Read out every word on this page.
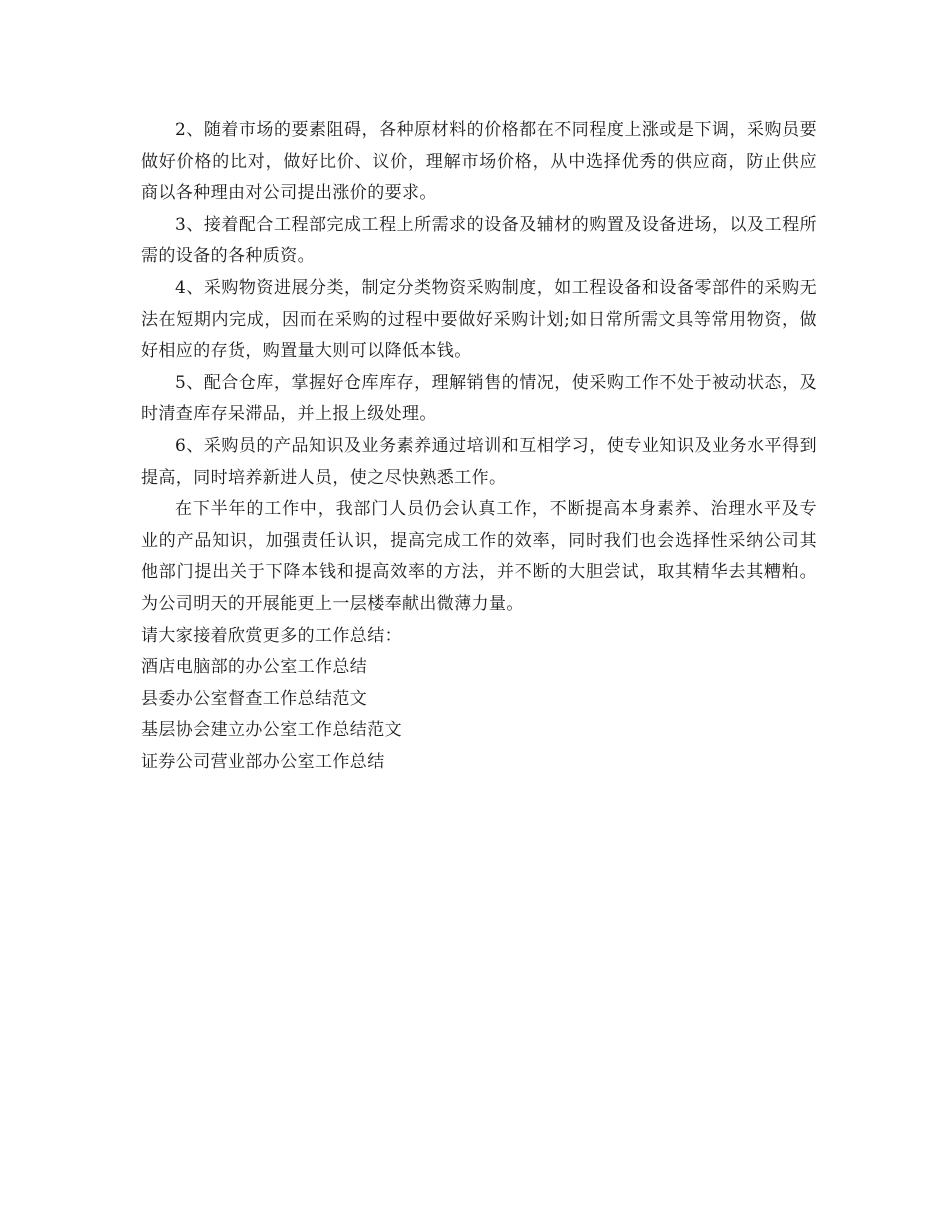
2、随着市场的要素阻碍，各种原材料的价格都在不同程度上涨或是下调，采购员要做好价格的比对，做好比价、议价，理解市场价格，从中选择优秀的供应商，防止供应商以各种理由对公司提出涨价的要求。

3、接着配合工程部完成工程上所需求的设备及辅材的购置及设备进场，以及工程所需的设备的各种质资。

4、采购物资进展分类，制定分类物资采购制度，如工程设备和设备零部件的采购无法在短期内完成，因而在采购的过程中要做好采购计划;如日常所需文具等常用物资，做好相应的存货，购置量大则可以降低本钱。

5、配合仓库，掌握好仓库库存，理解销售的情况，使采购工作不处于被动状态，及时清查库存呆滞品，并上报上级处理。

6、采购员的产品知识及业务素养通过培训和互相学习，使专业知识及业务水平得到提高，同时培养新进人员，使之尽快熟悉工作。

在下半年的工作中，我部门人员仍会认真工作，不断提高本身素养、治理水平及专业的产品知识，加强责任认识，提高完成工作的效率，同时我们也会选择性采纳公司其他部门提出关于下降本钱和提高效率的方法，并不断的大胆尝试，取其精华去其糟粕。为公司明天的开展能更上一层楼奉献出微薄力量。

请大家接着欣赏更多的工作总结：

酒店电脑部的办公室工作总结

县委办公室督查工作总结范文

基层协会建立办公室工作总结范文

证券公司营业部办公室工作总结
